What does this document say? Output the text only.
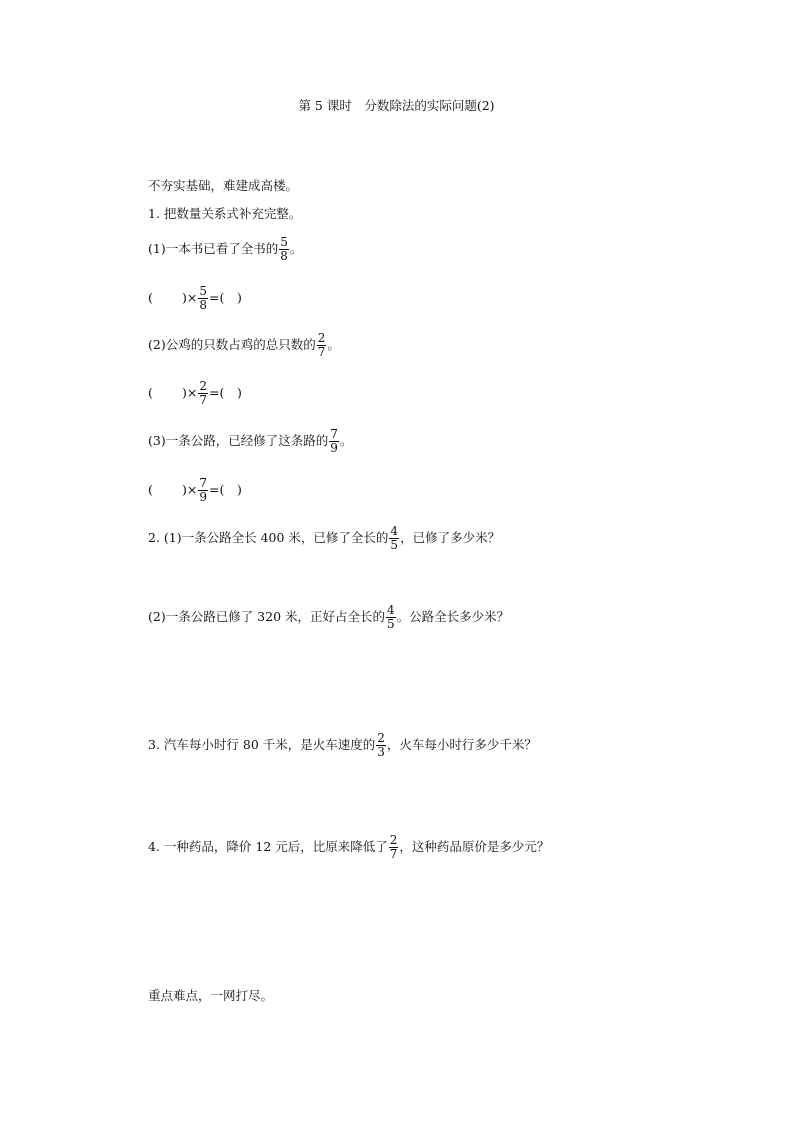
第 5 课时　分数除法的实际问题(2)
不夯实基础，难建成高楼。
1. 把数量关系式补充完整。
(1)一本书已看了全书的 $\frac{5}{8}$ 。
( )× $\frac{5}{8}$ =( )
(2)公鸡的只数占鸡的总只数的 $\frac{2}{7}$ 。
( )× $\frac{2}{7}$ =( )
(3)一条公路，已经修了这条路的 $\frac{7}{9}$ 。
( )× $\frac{7}{9}$ =( )
2. (1)一条公路全长 400 米，已修了全长的 $\frac{4}{5}$ ，已修了多少米？
(2)一条公路已修了 320 米，正好占全长的 $\frac{4}{5}$ 。公路全长多少米？
3. 汽车每小时行 80 千米，是火车速度的 $\frac{2}{3}$ ，火车每小时行多少千米？
4. 一种药品，降价 12 元后，比原来降低了 $\frac{2}{7}$ ，这种药品原价是多少元？
重点难点，一网打尽。
